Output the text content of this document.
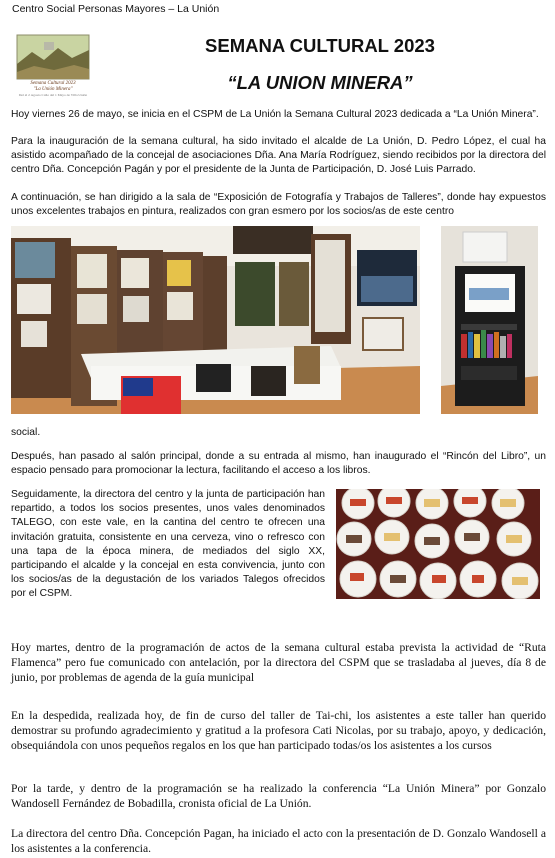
Centro Social Personas Mayores – La Unión
Semana Cultural 2023
"La Unión Minera"
Del al 2 Agosto Calle del 1 Mayo de Villa Unión
SEMANA CULTURAL 2023
“LA UNION MINERA”
Hoy viernes 26 de mayo, se inicia en el CSPM de La Unión la Semana Cultural 2023 dedicada a “La Unión Minera”.
Para la inauguración de la semana cultural, ha sido invitado el alcalde de La Unión, D. Pedro López, el cual ha asistido acompañado de la concejal de asociaciones Dña. Ana María Rodríguez, siendo recibidos por la directora del centro Dña. Concepción Pagán y por el presidente de la Junta de Participación, D. José Luis Parrado.
A continuación, se han dirigido a la sala de “Exposición de Fotografía y Trabajos de Talleres”, donde hay expuestos unos excelentes trabajos en pintura, realizados con gran esmero por los socios/as de este centro
social.
Después, han pasado al salón principal, donde a su entrada al mismo, han inaugurado el “Rincón del Libro”, un espacio pensado para promocionar la lectura, facilitando el acceso a los libros.
Seguidamente, la directora del centro y la junta de participación han repartido, a todos los socios presentes, unos vales denominados TALEGO, con este vale, en la cantina del centro te ofrecen una invitación gratuita, consistente en una cerveza, vino o refresco con una tapa de la época minera, de mediados del siglo XX, participando el alcalde y la concejal en esta convivencia, junto con los socios/as de la degustación de los variados Talegos ofrecidos por el CSPM.
Hoy martes, dentro de la programación de actos de la semana cultural estaba prevista la actividad de “Ruta Flamenca” pero fue comunicado con antelación, por la directora del CSPM que se trasladaba al jueves, día 8 de junio, por problemas de agenda de la guía municipal
En la despedida, realizada hoy, de fin de curso del taller de Tai-chi, los asistentes a este taller han querido demostrar su profundo agradecimiento y gratitud a la profesora Cati Nicolas, por su trabajo, apoyo, y dedicación, obsequiándola con unos pequeños regalos en los que han participado todas/os los asistentes a los cursos
Por la tarde, y dentro de la programación se ha realizado la conferencia “La Unión Minera” por Gonzalo Wandosell Fernández de Bobadilla, cronista oficial de La Unión.
La directora del centro Dña. Concepción Pagan, ha iniciado el acto con la presentación de D. Gonzalo Wandosell a los asistentes a la conferencia.
